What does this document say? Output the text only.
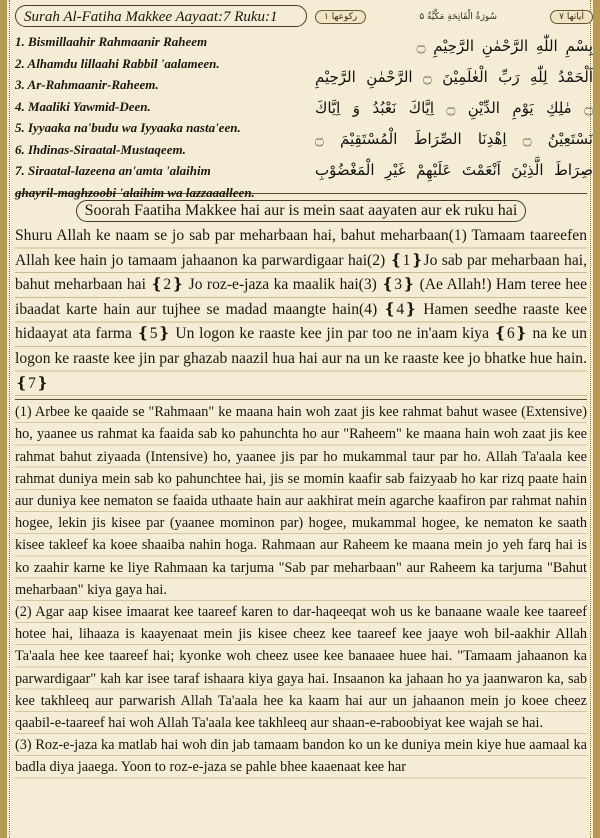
Surah Al-Fatiha Makkee Aayaat:7 Ruku:1	رکوعھا ۱	سُورَةُ الْفَاتِحَةِ مَكِّيَّةٌ ۵	اٰیاتھا ۷
1. Bismillaahir Rahmaanir Raheem
2. Alhamdu lillaahi Rabbil 'aalameen.
3. Ar-Rahmaanir-Raheem.
4. Maaliki Yawmid-Deen.
5. Iyyaaka na'budu wa Iyyaaka nasta'een.
6. Ihdinas-Siraatal-Mustaqeem.
7. Siraatal-lazeena an'amta 'alaihim
ghayril-maghzoobi 'alaihim wa lazzaaalleen.
بِسْمِ اللّٰهِ الرَّحْمٰنِ الرَّحِيْمِ ۝
اَلْحَمْدُ لِلّٰهِ رَبِّ الْعٰلَمِيْنَ ۝ الرَّحْمٰنِ الرَّحِيْمِ ۝ مٰلِكِ يَوْمِ الدِّيْنِ ۝ اِيَّاكَ نَعْبُدُ وَ اِيَّاكَ نَسْتَعِيْنُ ۝ اِهْدِنَا الصِّرَاطَ الْمُسْتَقِيْمَ ۝ صِرَاطَ الَّذِيْنَ اَنْعَمْتَ عَلَيْهِمْ غَيْرِ الْمَغْضُوْبِ
Soorah Faatiha Makkee hai aur is mein saat aayaten aur ek ruku hai

Shuru Allah ke naam se jo sab par meharbaan hai, bahut meharbaan(1) Tamaam taareefen Allah kee hain jo tamaam jahaanon ka parwardigaar hai(2) ❴1❵Jo sab par meharbaan hai, bahut meharbaan hai ❴2❵ Jo roz-e-jaza ka maalik hai(3) ❴3❵ (Ae Allah!) Ham teree hee ibaadat karte hain aur tujhee se madad maangte hain(4) ❴4❵ Hamen seedhe raaste kee hidaayat ata farma ❴5❵ Un logon ke raaste kee jin par too ne in'aam kiya ❴6❵ na ke un logon ke raaste kee jin par ghazab naazil hua hai aur na un ke raaste kee jo bhatke hue hain.❴7❵

(1) Arbee ke qaaide se "Rahmaan" ke maana hain woh zaat jis kee rahmat bahut wasee (Extensive) ho, yaanee us rahmat ka faaida sab ko pahunchta ho aur "Raheem" ke maana hain woh zaat jis kee rahmat bahut ziyaada (Intensive) ho, yaanee jis par ho mukammal taur par ho. Allah Ta'aala kee rahmat duniya mein sab ko pahunchtee hai, jis se momin kaafir sab faizyaab ho kar rizq paate hain aur duniya kee nematon se faaida uthaate hain aur aakhirat mein agarche kaafiron par rahmat nahin hogee, lekin jis kisee par (yaanee mominon par) hogee, mukammal hogee, ke nematon ke saath kisee takleef ka koee shaaiba nahin hoga. Rahmaan aur Raheem ke maana mein jo yeh farq hai is ko zaahir karne ke liye Rahmaan ka tarjuma "Sab par meharbaan" aur Raheem ka tarjuma "Bahut meharbaan" kiya gaya hai.

(2) Agar aap kisee imaarat kee taareef karen to dar-haqeeqat woh us ke banaane waale kee taareef hotee hai, lihaaza is kaayenaat mein jis kisee cheez kee taareef kee jaaye woh bil-aakhir Allah Ta'aala hee kee taareef hai; kyonke woh cheez usee kee banaaee huee hai. "Tamaam jahaanon ka parwardigaar" kah kar isee taraf ishaara kiya gaya hai. Insaanon ka jahaan ho ya jaanwaron ka, sab kee takhleeq aur parwarish Allah Ta'aala hee ka kaam hai aur un jahaanon mein jo koee cheez qaabil-e-taareef hai woh Allah Ta'aala kee takhleeq aur shaan-e-raboobiyat kee wajah se hai.

(3) Roz-e-jaza ka matlab hai woh din jab tamaam bandon ko un ke duniya mein kiye hue aamaal ka badla diya jaaega. Yoon to roz-e-jaza se pahle bhee kaaenaat kee har
